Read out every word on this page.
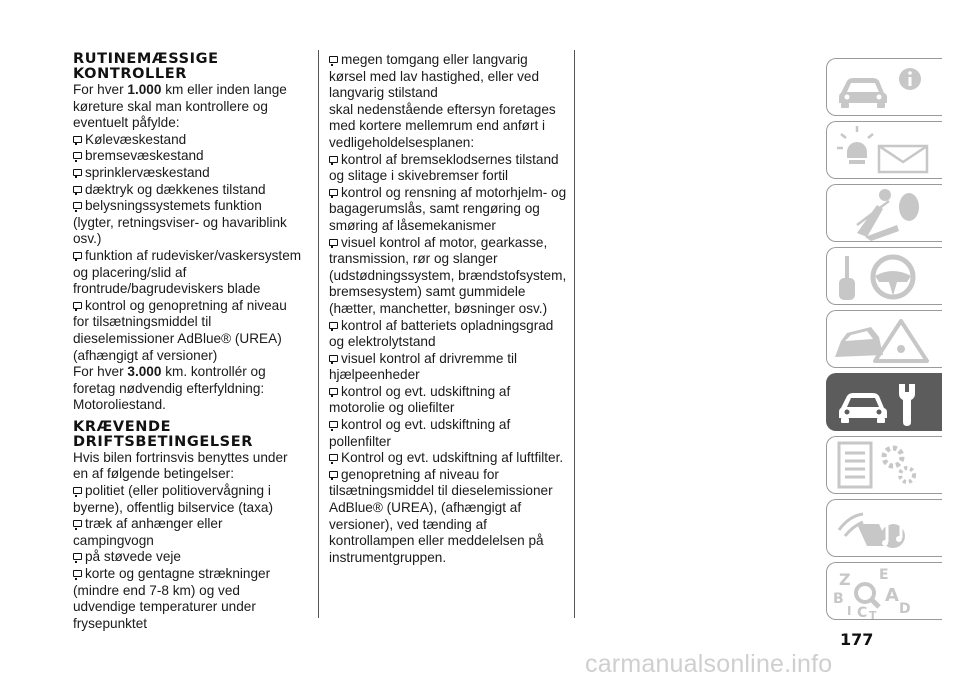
RUTINEMÆSSIGE
KONTROLLER

For hver 1.000 km eller inden lange køreture skal man kontrollere og eventuelt påfyldе:

Kølevæskestand

bremsevæskestand

sprinklervæskestand

dæktryk og dækkenes tilstand

belysningssystemets funktion (lygter, retningsviser- og havariblink osv.)

funktion af rudevisker/vaskersystem og placering/slid af frontrude/bagrudeviskers blade

kontrol og genopretning af niveau for tilsætningsmiddel til dieselemissioner AdBlue® (UREA) (afhængigt af versioner)

For hver 3.000 km. kontrollér og foretag nødvendig efterfyldning: Motoroliestand.

KRÆVENDE
DRIFTSBETINGELSER

Hvis bilen fortrinsvis benyttes under en af følgende betingelser:

politiet (eller politiovervågning i byerne), offentlig bilservice (taxa)

træk af anhænger eller campingvogn

på støvede veje

korte og gentagne strækninger (mindre end 7-8 km) og ved udvendige temperaturer under frysepunktet

megen tomgang eller langvarig kørsel med lav hastighed, eller ved langvarig stilstand

skal nedenstående eftersyn foretages med kortere mellemrum end anført i vedligeholdelsesplanen:

kontrol af bremseklodsernes tilstand og slitage i skivebremser fortil

kontrol og rensning af motorhjelm- og bagagerumslås, samt rengøring og smøring af låsemekanismer

visuel kontrol af motor, gearkasse, transmission, rør og slanger (udstødningssystem, brændstofsystem, bremsesystem) samt gummidele (hætter, manchetter, bøsninger osv.)

kontrol af batteriets opladningsgrad og elektrolytstand

visuel kontrol af drivremme til hjælpeenheder

kontrol og evt. udskiftning af motorolie og oliefilter

kontrol og evt. udskiftning af pollenfilter

Kontrol og evt. udskiftning af luftfilter.

genopretning af niveau for tilsætningsmiddel til dieselemissioner AdBlue® (UREA), (afhængigt af versioner), ved tænding af kontrollampen eller meddelelsen på instrumentgruppen.

Z E
A
B
C D
I T
177
carmanualsonline.info
